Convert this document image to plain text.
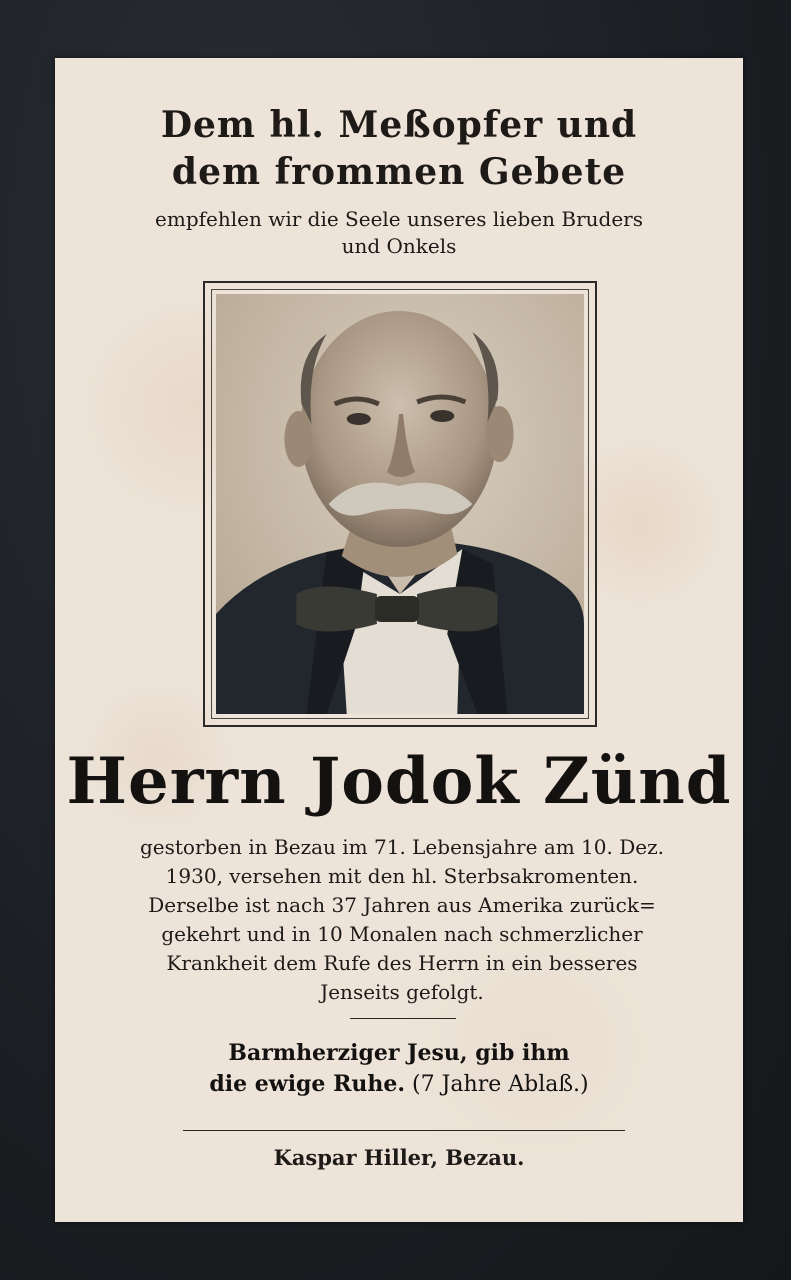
Dem hl. Meßopfer und
dem frommen Gebete
empfehlen wir die Seele unseres lieben Bruders
und Onkels
Herrn Jodok Zünd
gestorben in Bezau im 71. Lebensjahre am 10. Dez.
1930, versehen mit den hl. Sterbsakromenten.
Derselbe ist nach 37 Jahren aus Amerika zurück=
gekehrt und in 10 Monalen nach schmerzlicher
Krankheit dem Rufe des Herrn in ein besseres
Jenseits gefolgt.
Barmherziger Jesu, gib ihm
die ewige Ruhe. (7 Jahre Ablaß.)
Kaspar Hiller, Bezau.
